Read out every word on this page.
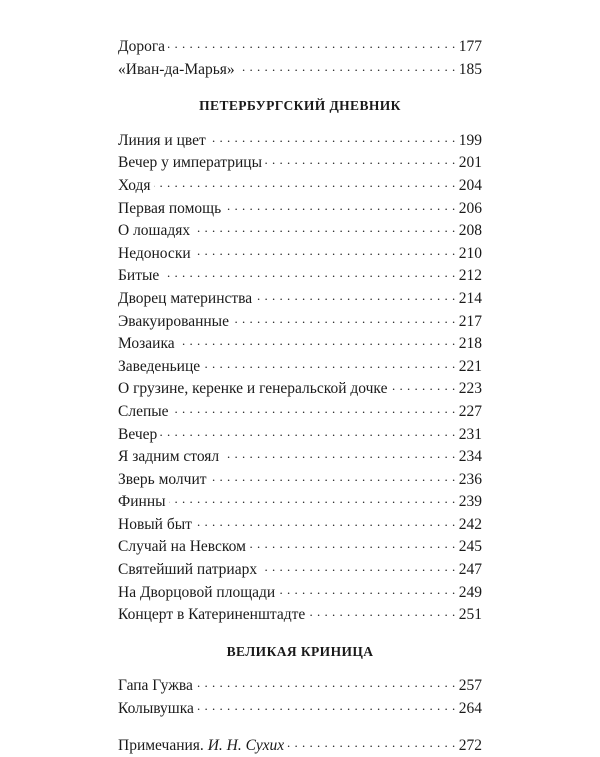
Дорога . . .	177
«Иван-да-Марья» . . .	185
ПЕТЕРБУРГСКИЙ ДНЕВНИК
Линия и цвет . . .	199
Вечер у императрицы . . .	201
Ходя . . .	204
Первая помощь . . .	206
О лошадях . . .	208
Недоноски . . .	210
Битые . . .	212
Дворец материнства . . .	214
Эвакуированные . . .	217
Мозаика . . .	218
Заведеньице . . .	221
О грузине, керенке и генеральской дочке . . .	223
Слепые . . .	227
Вечер . . .	231
Я задним стоял . . .	234
Зверь молчит . . .	236
Финны . . .	239
Новый быт . . .	242
Случай на Невском . . .	245
Святейший патриарх . . .	247
На Дворцовой площади . . .	249
Концерт в Катериненштадте . . .	251
ВЕЛИКАЯ КРИНИЦА
Гапа Гужва . . .	257
Колывушка . . .	264
Примечания. И. Н. Сухих . . .	272
